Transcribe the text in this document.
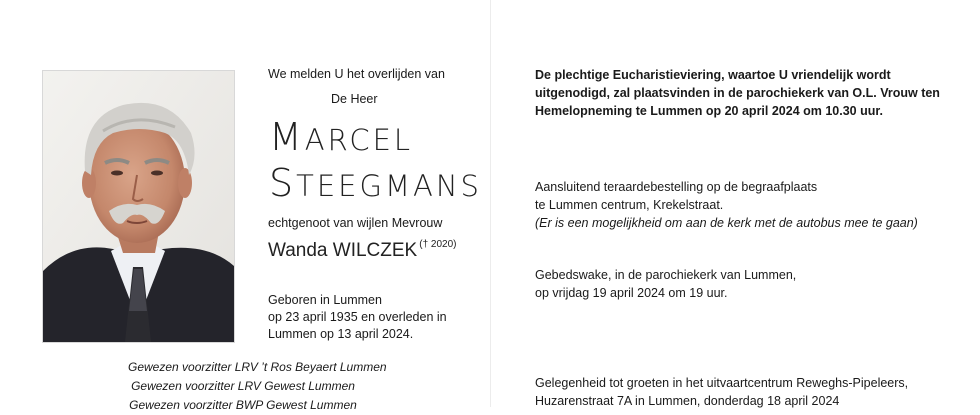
We melden U het overlijden van

De Heer

MARCEL
STEEGMANS

echtgenoot van wijlen Mevrouw

Wanda WILCZEK $^{(\dagger 2020)}$

Geboren in Lummen
op 23 april 1935 en overleden in
Lummen op 13 april 2024.

Gewezen voorzitter LRV ’t Ros Beyaert Lummen
Gewezen voorzitter LRV Gewest Lummen
Gewezen voorzitter BWP Gewest Lummen

De plechtige Eucharistieviering, waartoe U vriendelijk wordt
uitgenodigd, zal plaatsvinden in de parochiekerk van O.L. Vrouw ten
Hemelopneming te Lummen op 20 april 2024 om 10.30 uur.

Aansluitend teraardebestelling op de begraafplaats
te Lummen centrum, Krekelstraat.
(Er is een mogelijkheid om aan de kerk met de autobus mee te gaan)

Gebedswake, in de parochiekerk van Lummen,
op vrijdag 19 april 2024 om 19 uur.

Gelegenheid tot groeten in het uitvaartcentrum Reweghs-Pipeleers,
Huzarenstraat 7A in Lummen, donderdag 18 april 2024
